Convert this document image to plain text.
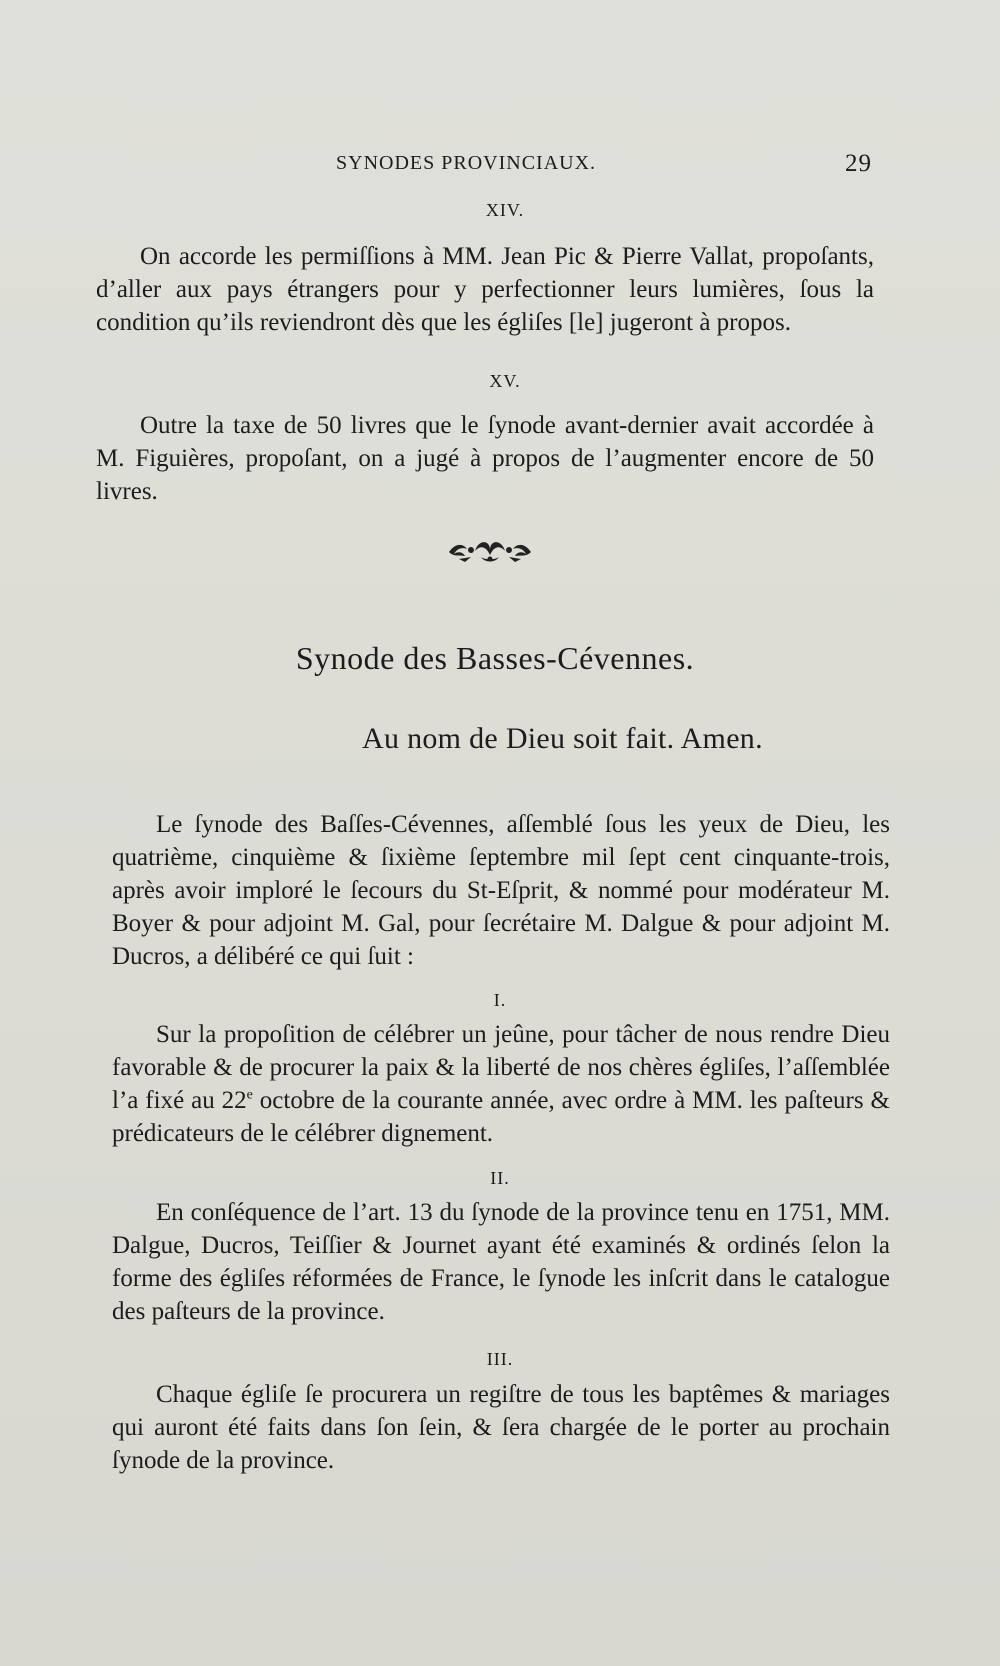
SYNODES PROVINCIAUX.	29
XIV.
On accorde les permiſſions à MM. Jean Pic & Pierre Vallat, propoſants, d’aller aux pays étrangers pour y perfectionner leurs lumières, ſous la condition qu’ils reviendront dès que les égliſes [le] jugeront à propos.
XV.
Outre la taxe de 50 livres que le ſynode avant-dernier avait accordée à M. Figuières, propoſant, on a jugé à propos de l’augmenter encore de 50 livres.
Synode des Basses-Cévennes.
Au nom de Dieu soit fait. Amen.
Le ſynode des Baſſes-Cévennes, aſſemblé ſous les yeux de Dieu, les quatrième, cinquième & ſixième ſeptembre mil ſept cent cinquante-trois, après avoir imploré le ſecours du St-Eſprit, & nommé pour modérateur M. Boyer & pour adjoint M. Gal, pour ſecrétaire M. Dalgue & pour adjoint M. Ducros, a délibéré ce qui ſuit :
I.
Sur la propoſition de célébrer un jeûne, pour tâcher de nous rendre Dieu favorable & de procurer la paix & la liberté de nos chères égliſes, l’aſſemblée l’a fixé au 22e octobre de la courante année, avec ordre à MM. les paſteurs & prédicateurs de le célébrer dignement.
II.
En conſéquence de l’art. 13 du ſynode de la province tenu en 1751, MM. Dalgue, Ducros, Teiſſier & Journet ayant été examinés & ordinés ſelon la forme des égliſes réformées de France, le ſynode les inſcrit dans le catalogue des paſteurs de la province.
III.
Chaque égliſe ſe procurera un regiſtre de tous les baptêmes & mariages qui auront été faits dans ſon ſein, & ſera chargée de le porter au prochain ſynode de la province.
